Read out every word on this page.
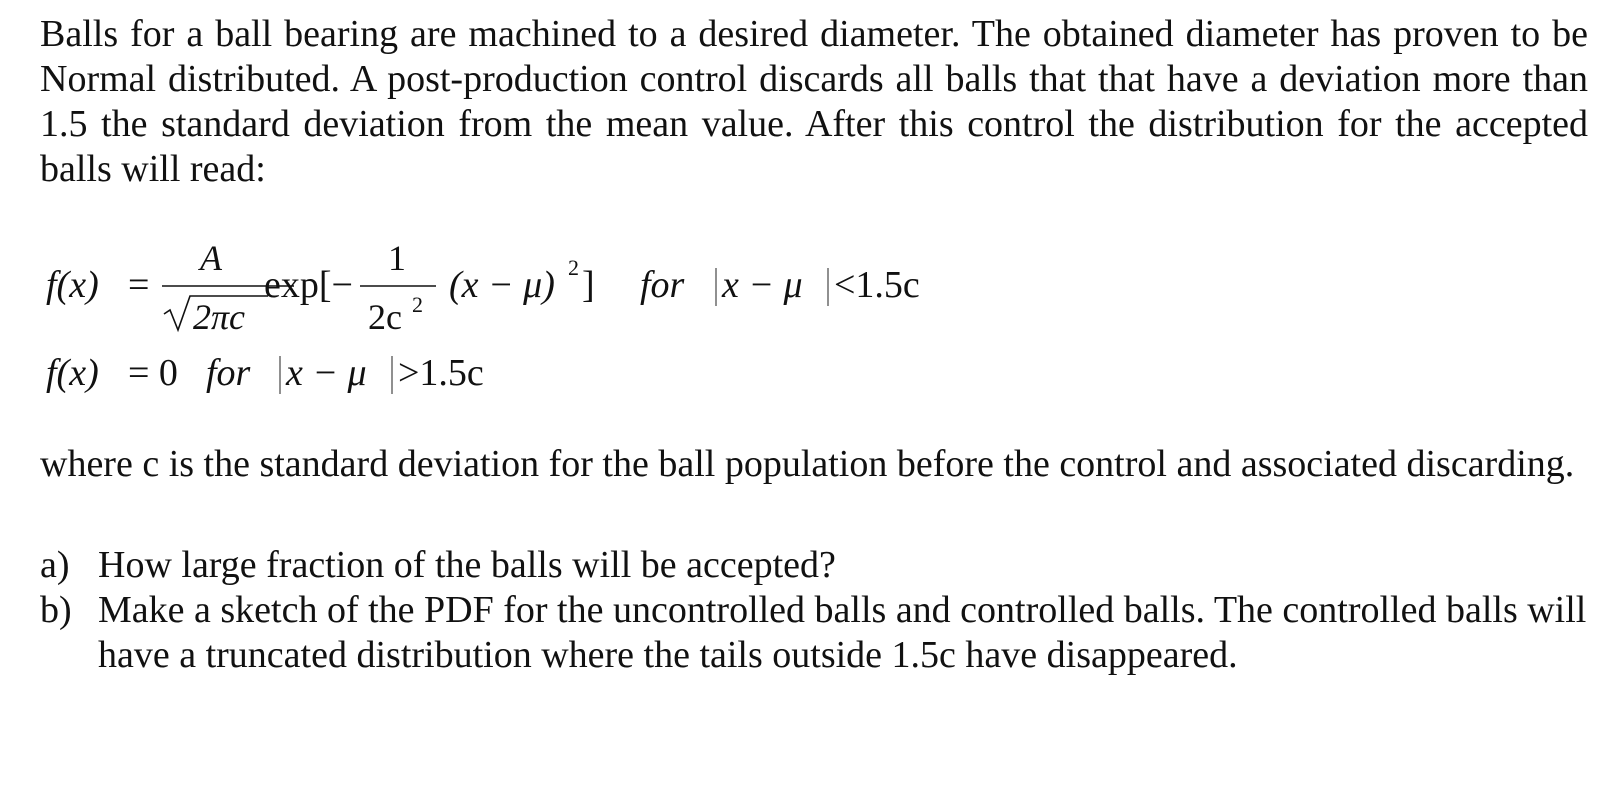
Balls for a ball bearing are machined to a desired diameter. The obtained diameter has proven to be Normal distributed. A post-production control discards all balls that that have a deviation more than 1.5 the standard deviation from the mean value. After this control the distribution for the accepted balls will read:

f(x) =
A
2πc
exp[−
1
2c 2 (x − μ) 2 ] for x − μ <1.5c
f(x) = 0 for x − μ >1.5c

where c is the standard deviation for the ball population before the control and associated discarding.

a) How large fraction of the balls will be accepted?
b) Make a sketch of the PDF for the uncontrolled balls and controlled balls. The controlled balls will have a truncated distribution where the tails outside 1.5c have disappeared.
